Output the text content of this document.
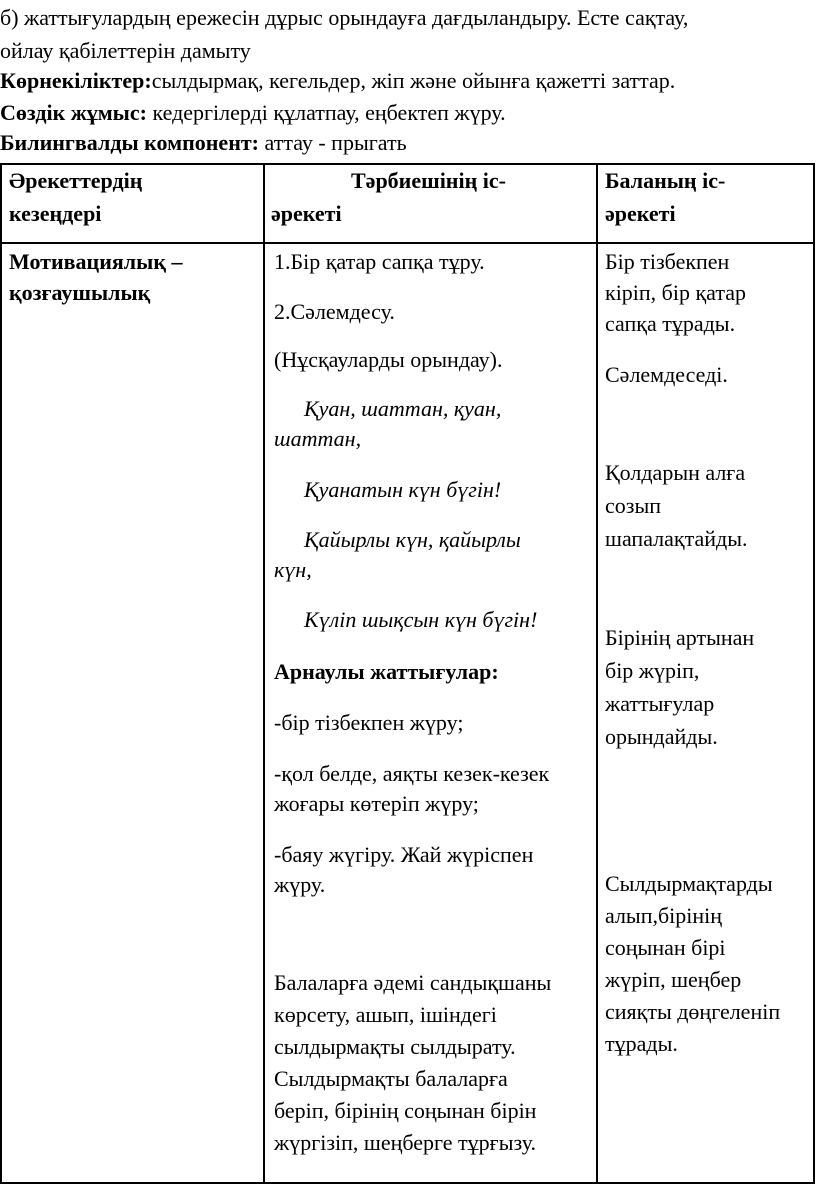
б) жаттығулардың ережесін дұрыс орындауға дағдыландыру. Есте сақтау,
ойлау қабілеттерін дамыту
Көрнекіліктер:сылдырмақ, кегельдер, жіп және ойынға қажетті заттар.
Сөздік жұмыс: кедергілерді құлатпау, еңбектеп жүру.
Билингвалды компонент: аттау - прыгать

Әрекеттердің

кезеңдері

Тәрбиешінің іс-

әрекеті

Баланың іс-

әрекеті

Мотивациялық –

қозғаушылық

1.Бір қатар сапқа тұру.

2.Сәлемдесу.

(Нұсқауларды орындау).

Қуан, шаттан, қуан,

шаттан,

Қуанатын күн бүгін!

Қайырлы күн, қайырлы

күн,

Күліп шықсын күн бүгін!

Арнаулы жаттығулар:

-бір тізбекпен жүру;

-қол белде, аяқты кезек-кезек

жоғары көтеріп жүру;

-баяу жүгіру. Жай жүріспен

жүру.

Балаларға әдемі сандықшаны

көрсету, ашып, ішіндегі

сылдырмақты сылдырату.

Сылдырмақты балаларға

беріп, бірінің соңынан бірін

жүргізіп, шеңберге тұрғызу.

Бір тізбекпен

кіріп, бір қатар

сапқа тұрады.

Сәлемдеседі.

Қолдарын алға

созып

шапалақтайды.

Бірінің артынан

бір жүріп,

жаттығулар

орындайды.

Сылдырмақтарды

алып,бірінің

соңынан бірі

жүріп, шеңбер

сияқты дөңгеленіп

тұрады.
